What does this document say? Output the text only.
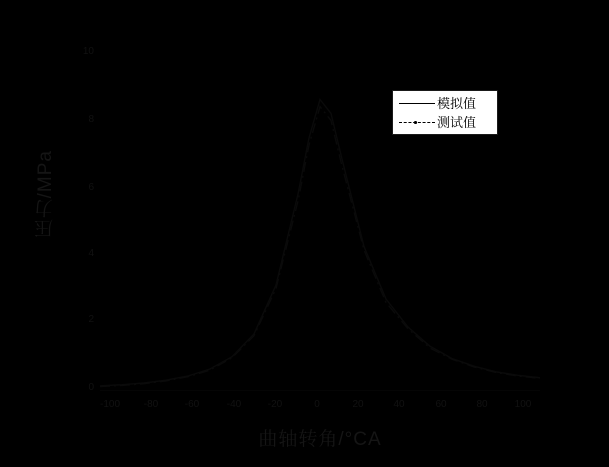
10
8
6
4
2
0
-100	-80	-60	-40	-20	0	20	40	60	80	100
曲轴转角/°CA
压力/MPa
模拟值
测试值
